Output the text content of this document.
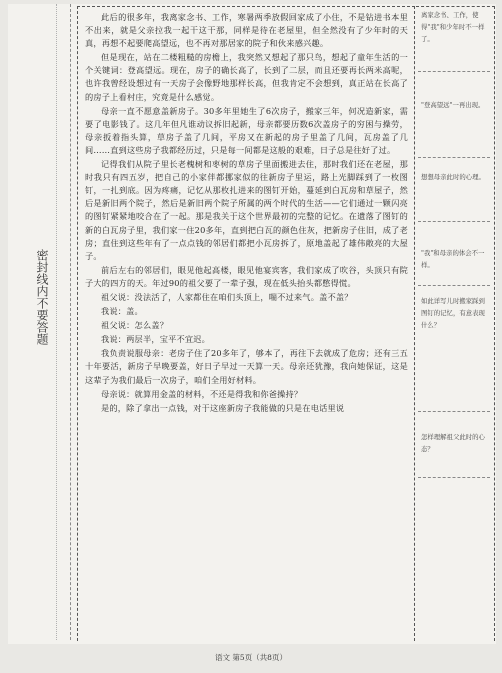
密封线内不要答题

此后的很多年，我离家念书、工作，寒暑两季放假回家成了小住，不是钻进书本里不出来，就是父亲拉我一起干这干那，同样是待在老屋里，但全然没有了少年时的天真，再想不起要爬高望远，也不再对那居家的院子和伙来感兴趣。

但是现在，站在二楼粗糙的房檐上，我突然又想起了那只鸟，想起了童年生活的一个关键词：登高望远。现在，房子的确长高了，长到了二层，而且还要再长两米高呢，也许我曾经设想过有一天房子会像野地那样长高，但我肯定不会想到，真正站在长高了的房子上看村庄，究竟是什么感觉。

母亲一直不愿意盖新房子。30多年里她生了6次房子，搬家三年，何况造新家，需要了电影钱了。这几年但凡谁动议拆旧起新，母亲都要历数6次盖房子的穷困与操劳，母亲扳着指头算，草房子盖了几间，平房又在新起的房子里盖了几间，瓦房盖了几间……直到这些房子我都经历过，只是每一间都是这般的艰难，日子总是往好了过。

记得我们从院子里长老槐树和枣树的草房子里面搬进去住，那时我们还在老屋，那时我只有四五岁，把自己的小家伴都挪家似的往新房子里运，路上光脚踩到了一枚图钉，一扎到底。因为疼痛，记忆从那枚扎进来的图钉开始，蔓延到白瓦房和草屋子，然后是新旧两个院子，然后是新旧两个院子所属的两个时代的生活——它们通过一颗闪亮的图钉紧紧地咬合在了一起。那是我关于这个世界最初的完整的记忆。在遗落了图钉的新的白瓦房子里，我们家一住20多年，直到把白瓦的颜色住灰，把新房子住旧，成了老房；直住到这些年有了一点点钱的邻居们都把小瓦房拆了，原地盖起了雄伟敞亮的大屋子。

前后左右的邻居们，眼见他起高楼，眼见他宴宾客，我们家成了吹谷，头顶只有院子大的四方的天。年过90的祖父要了一辈子强，现在低头抬头都憋得慌。

祖父说：没法活了，人家都住在咱们头顶上，喘不过来气。盖不盖？

我说：盖。

祖父说：怎么盖？

我说：两层半，宝平不宜迟。

我负责说服母亲：老房子住了20多年了，够本了，再往下去就成了危房；还有三五十年要活，新房子早晚要盖，好日子早过一天算一天。母亲还犹豫，我向她保证，这是这辈子为我们最后一次房子，咱们全用好材料。

母亲说：就算用金盖的材料，不还是得我和你爸操持？

是的，除了拿出一点钱，对于这座新房子我能做的只是在电话里说

离家念书、工作，使得"我"和少年时不一样了。
"登高望远"一再出现。
想想母亲此时的心理。
"我"和母亲的体会不一样。
如此详写儿时搬家踩到图钉的记忆，有意表现什么？
怎样理解祖父此时的心态？
语文 第5页（共8页）
